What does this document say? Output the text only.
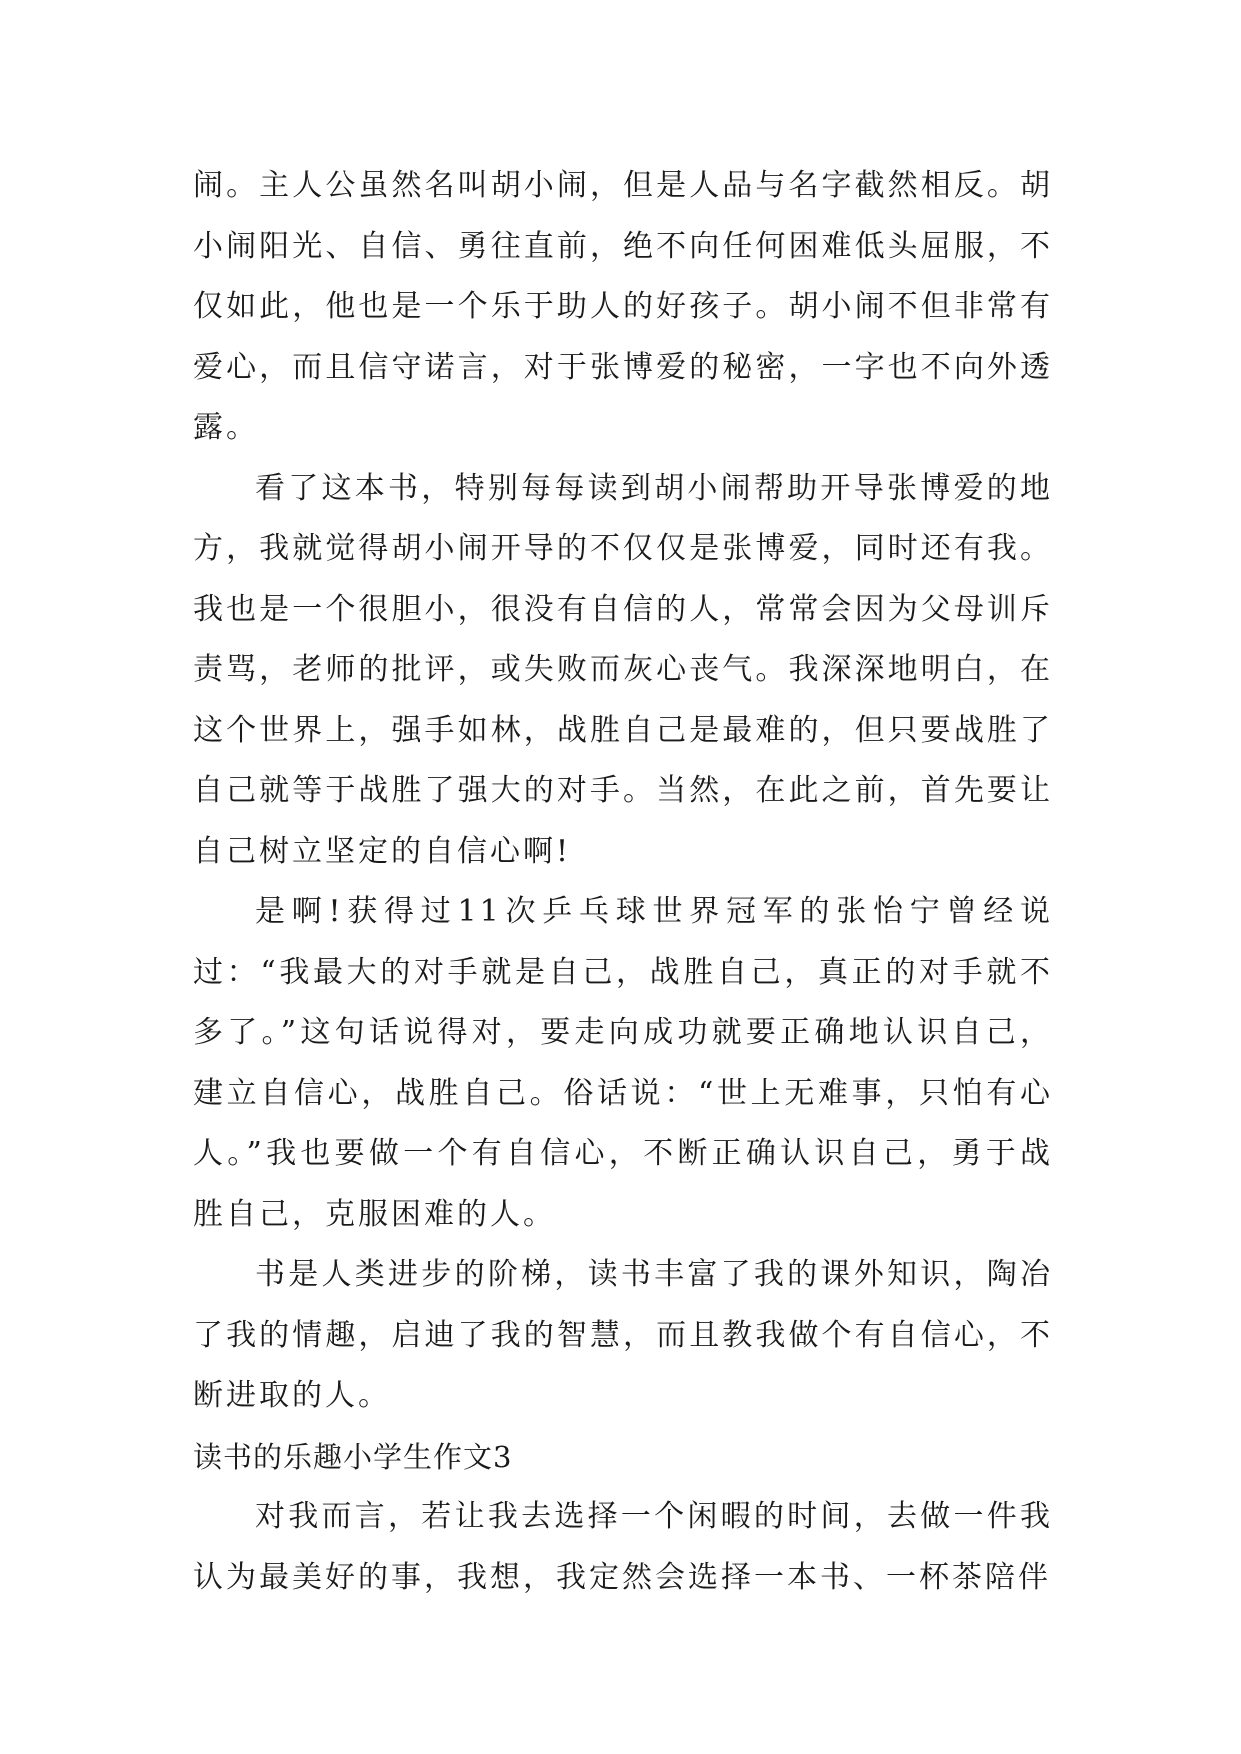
闹。主人公虽然名叫胡小闹，但是人品与名字截然相反。胡小闹阳光、自信、勇往直前，绝不向任何困难低头屈服，不仅如此，他也是一个乐于助人的好孩子。胡小闹不但非常有爱心，而且信守诺言，对于张博爱的秘密，一字也不向外透露。

看了这本书，特别每每读到胡小闹帮助开导张博爱的地方，我就觉得胡小闹开导的不仅仅是张博爱，同时还有我。我也是一个很胆小，很没有自信的人，常常会因为父母训斥责骂，老师的批评，或失败而灰心丧气。我深深地明白，在这个世界上，强手如林，战胜自己是最难的，但只要战胜了自己就等于战胜了强大的对手。当然，在此之前，首先要让自己树立坚定的自信心啊!

是啊!获得过11次乒乓球世界冠军的张怡宁曾经说过：“我最大的对手就是自己，战胜自己，真正的对手就不多了。”这句话说得对，要走向成功就要正确地认识自己，建立自信心，战胜自己。俗话说：“世上无难事，只怕有心人。”我也要做一个有自信心，不断正确认识自己，勇于战胜自己，克服困难的人。

书是人类进步的阶梯，读书丰富了我的课外知识，陶冶了我的情趣，启迪了我的智慧，而且教我做个有自信心，不断进取的人。

读书的乐趣小学生作文3

对我而言，若让我去选择一个闲暇的时间，去做一件我认为最美好的事，我想，我定然会选择一本书、一杯茶陪伴
